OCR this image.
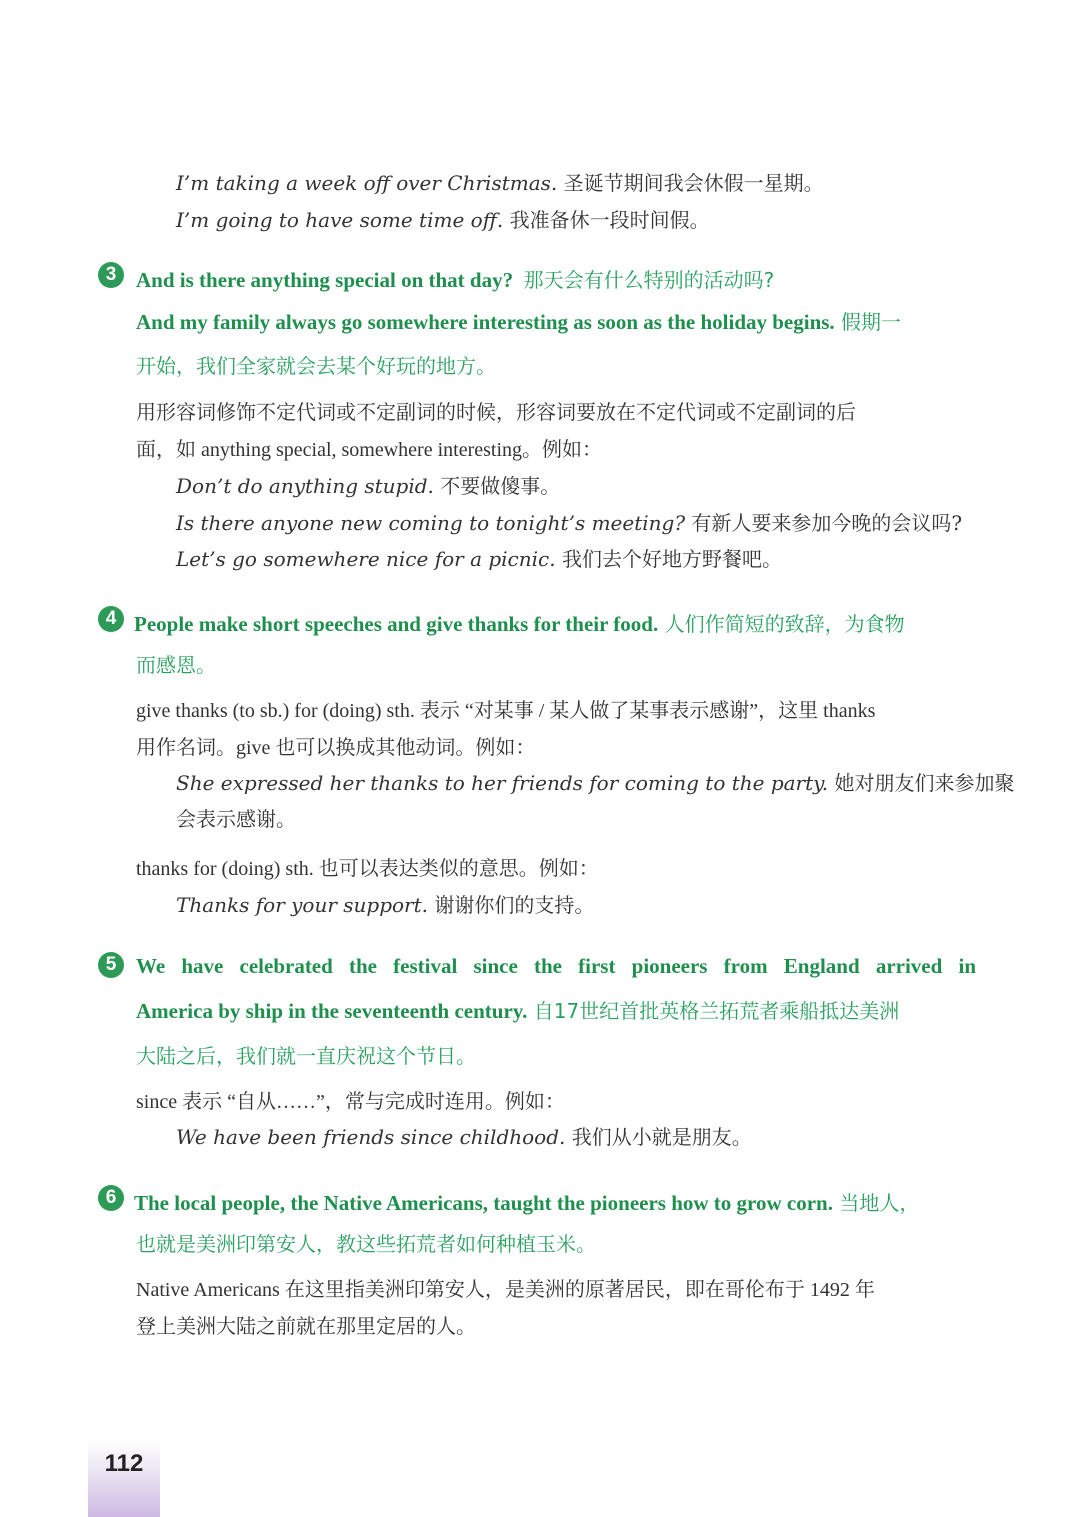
I’m taking a week off over Christmas. 圣诞节期间我会休假一星期。
I’m going to have some time off. 我准备休一段时间假。
3 And is there anything special on that day? 那天会有什么特别的活动吗?
And my family always go somewhere interesting as soon as the holiday begins. 假期一
开始，我们全家就会去某个好玩的地方。
用形容词修饰不定代词或不定副词的时候，形容词要放在不定代词或不定副词的后
面，如 anything special, somewhere interesting。例如：
Don’t do anything stupid. 不要做傻事。
Is there anyone new coming to tonight’s meeting? 有新人要来参加今晚的会议吗?
Let’s go somewhere nice for a picnic. 我们去个好地方野餐吧。
4 People make short speeches and give thanks for their food. 人们作简短的致辞，为食物
而感恩。
give thanks (to sb.) for (doing) sth. 表示 “对某事 / 某人做了某事表示感谢”，这里 thanks
用作名词。give 也可以换成其他动词。例如：
She expressed her thanks to her friends for coming to the party. 她对朋友们来参加聚
会表示感谢。
thanks for (doing) sth. 也可以表达类似的意思。例如：
Thanks for your support. 谢谢你们的支持。
5 We have celebrated the festival since the first pioneers from England arrived in
America by ship in the seventeenth century. 自17世纪首批英格兰拓荒者乘船抵达美洲
大陆之后，我们就一直庆祝这个节日。
since 表示 “自从……”，常与完成时连用。例如：
We have been friends since childhood. 我们从小就是朋友。
6 The local people, the Native Americans, taught the pioneers how to grow corn. 当地人，
也就是美洲印第安人，教这些拓荒者如何种植玉米。
Native Americans 在这里指美洲印第安人，是美洲的原著居民，即在哥伦布于 1492 年
登上美洲大陆之前就在那里定居的人。
112
